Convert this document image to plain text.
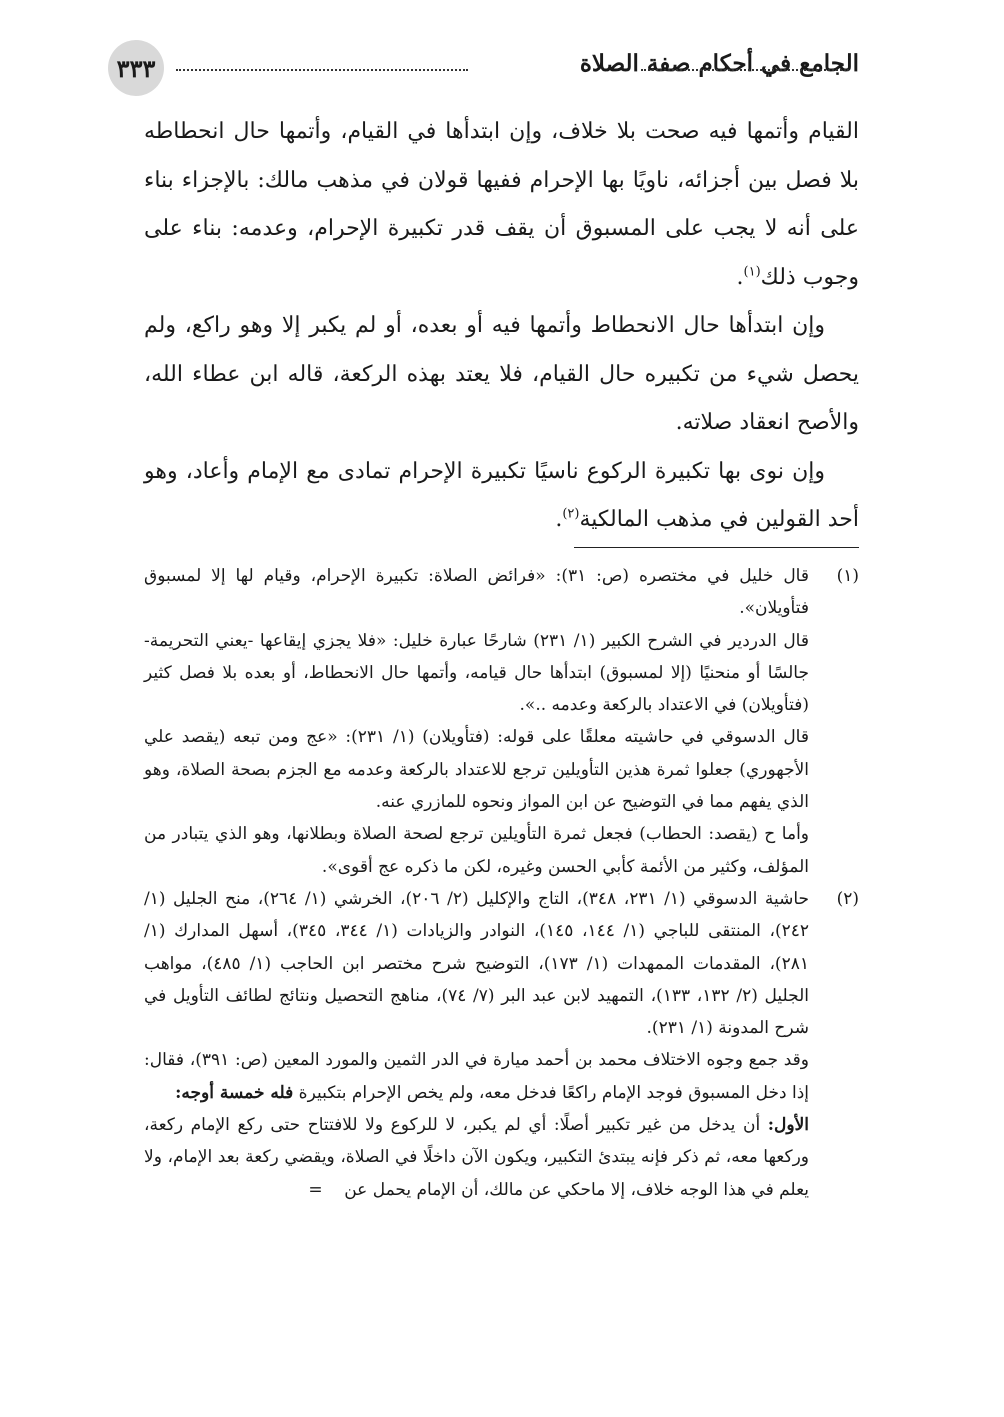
٣٣٣	الجامع في أحكام صفة الصلاة

القيام وأتمها فيه صحت بلا خلاف، وإن ابتدأها في القيام، وأتمها حال انحطاطه بلا فصل بين أجزائه، ناويًا بها الإحرام ففيها قولان في مذهب مالك: بالإجزاء بناء على أنه لا يجب على المسبوق أن يقف قدر تكبيرة الإحرام، وعدمه: بناء على وجوب ذلك$^{(١)}$.

وإن ابتدأها حال الانحطاط وأتمها فيه أو بعده، أو لم يكبر إلا وهو راكع، ولم يحصل شيء من تكبيره حال القيام، فلا يعتد بهذه الركعة، قاله ابن عطاء الله، والأصح انعقاد صلاته.

وإن نوى بها تكبيرة الركوع ناسيًا تكبيرة الإحرام تمادى مع الإمام وأعاد، وهو أحد القولين في مذهب المالكية$^{(٢)}$.

(١)

قال خليل في مختصره (ص: ٣١): «فرائض الصلاة: تكبيرة الإحرام، وقيام لها إلا لمسبوق فتأويلان».

قال الدردير في الشرح الكبير (١/ ٢٣١) شارحًا عبارة خليل: «فلا يجزي إيقاعها -يعني التحريمة- جالسًا أو منحنيًا (إلا لمسبوق) ابتدأها حال قيامه، وأتمها حال الانحطاط، أو بعده بلا فصل كثير (فتأويلان) في الاعتداد بالركعة وعدمه ..».

قال الدسوقي في حاشيته معلقًا على قوله: (فتأويلان) (١/ ٢٣١): «عج ومن تبعه (يقصد علي الأجهوري) جعلوا ثمرة هذين التأويلين ترجع للاعتداد بالركعة وعدمه مع الجزم بصحة الصلاة، وهو الذي يفهم مما في التوضيح عن ابن المواز ونحوه للمازري عنه.

وأما ح (يقصد: الحطاب) فجعل ثمرة التأويلين ترجع لصحة الصلاة وبطلانها، وهو الذي يتبادر من المؤلف، وكثير من الأئمة كأبي الحسن وغيره، لكن ما ذكره عج أقوى».

(٢)

حاشية الدسوقي (١/ ٢٣١، ٣٤٨)، التاج والإكليل (٢/ ٢٠٦)، الخرشي (١/ ٢٦٤)، منح الجليل (١/ ٢٤٢)، المنتقى للباجي (١/ ١٤٤، ١٤٥)، النوادر والزيادات (١/ ٣٤٤، ٣٤٥)، أسهل المدارك (١/ ٢٨١)، المقدمات الممهدات (١/ ١٧٣)، التوضيح شرح مختصر ابن الحاجب (١/ ٤٨٥)، مواهب الجليل (٢/ ١٣٢، ١٣٣)، التمهيد لابن عبد البر (٧/ ٧٤)، مناهج التحصيل ونتائج لطائف التأويل في شرح المدونة (١/ ٢٣١).

وقد جمع وجوه الاختلاف محمد بن أحمد ميارة في الدر الثمين والمورد المعين (ص: ٣٩١)، فقال: إذا دخل المسبوق فوجد الإمام راكعًا فدخل معه، ولم يخص الإحرام بتكبيرة فله خمسة أوجه:

الأول: أن يدخل من غير تكبير أصلًا: أي لم يكبر، لا للركوع ولا للافتتاح حتى ركع الإمام ركعة، وركعها معه، ثم ذكر فإنه يبتدئ التكبير، ويكون الآن داخلًا في الصلاة، ويقضي ركعة بعد الإمام، ولا يعلم في هذا الوجه خلاف، إلا ماحكي عن مالك، أن الإمام يحمل عن    =
